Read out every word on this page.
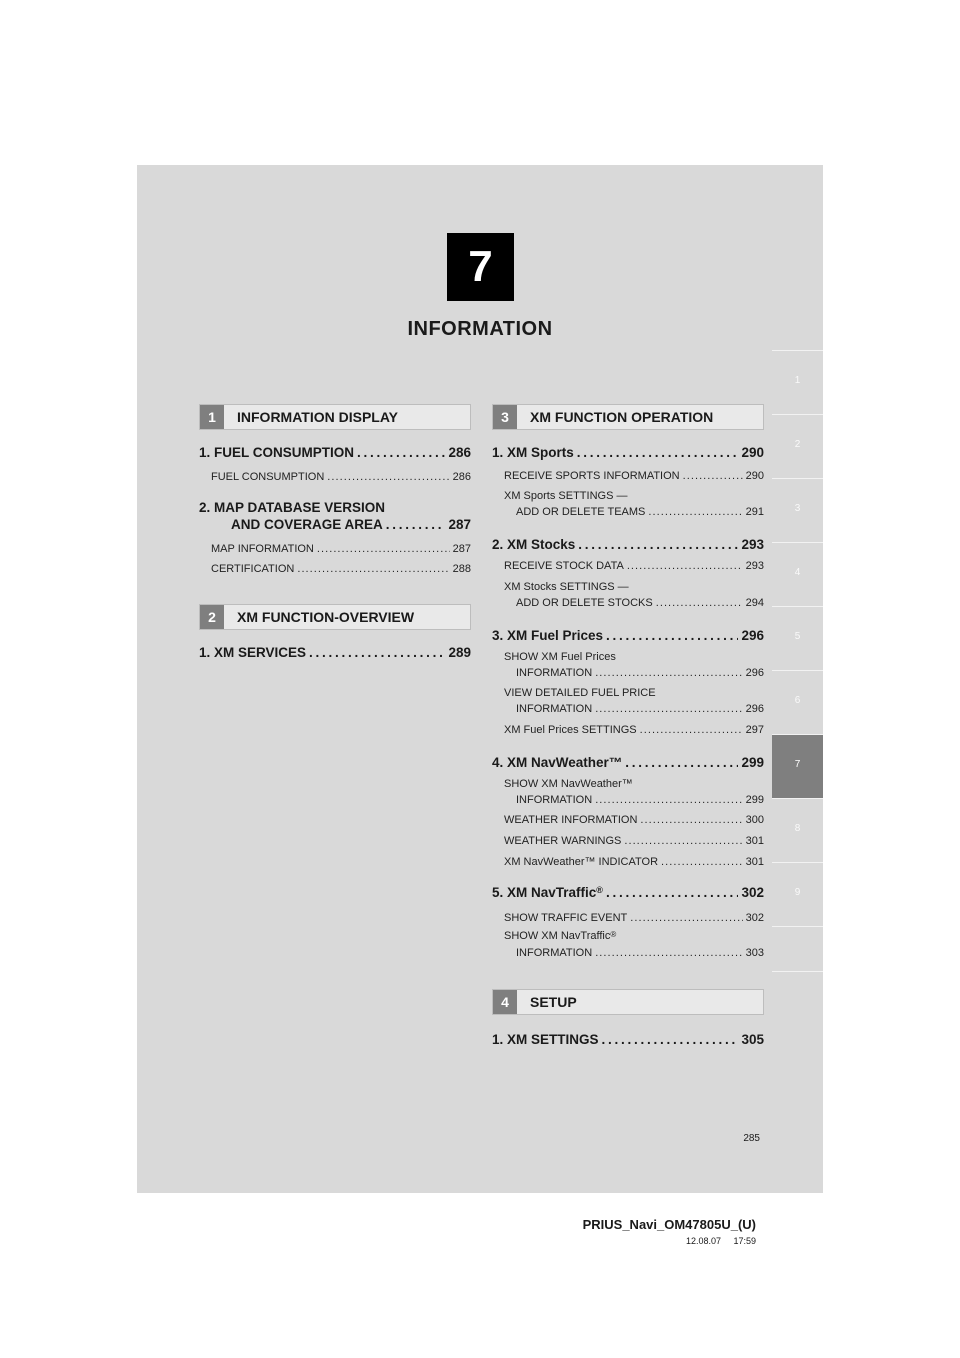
7
INFORMATION
1
2
3
4
5
6
7
8
9
1	INFORMATION DISPLAY
2	XM FUNCTION-OVERVIEW
3	XM FUNCTION OPERATION
4	SETUP
1. FUEL CONSUMPTION . . .	286
FUEL CONSUMPTION . . .	286
2. MAP DATABASE VERSION
AND COVERAGE AREA . . .	287
MAP INFORMATION . . .	287
CERTIFICATION . . .	288
1. XM SERVICES . . .	289
1. XM Sports . . .	290
RECEIVE SPORTS INFORMATION . . .	290
XM Sports SETTINGS —
ADD OR DELETE TEAMS . . .	291
2. XM Stocks . . .	293
RECEIVE STOCK DATA . . .	293
XM Stocks SETTINGS —
ADD OR DELETE STOCKS . . .	294
3. XM Fuel Prices . . .	296
SHOW XM Fuel Prices
INFORMATION . . .	296
VIEW DETAILED FUEL PRICE
INFORMATION . . .	296
XM Fuel Prices SETTINGS . . .	297
4. XM NavWeather™ . . .	299
SHOW XM NavWeather™
INFORMATION . . .	299
WEATHER INFORMATION . . .	300
WEATHER WARNINGS . . .	301
XM NavWeather™ INDICATOR . . .	301
5. XM NavTraffic ® . . .	302
SHOW TRAFFIC EVENT . . .	302
SHOW XM NavTraffic ®
INFORMATION . . .	303
1. XM SETTINGS . . .	305
285
PRIUS_Navi_OM47805U_(U)
12.08.07     17:59
